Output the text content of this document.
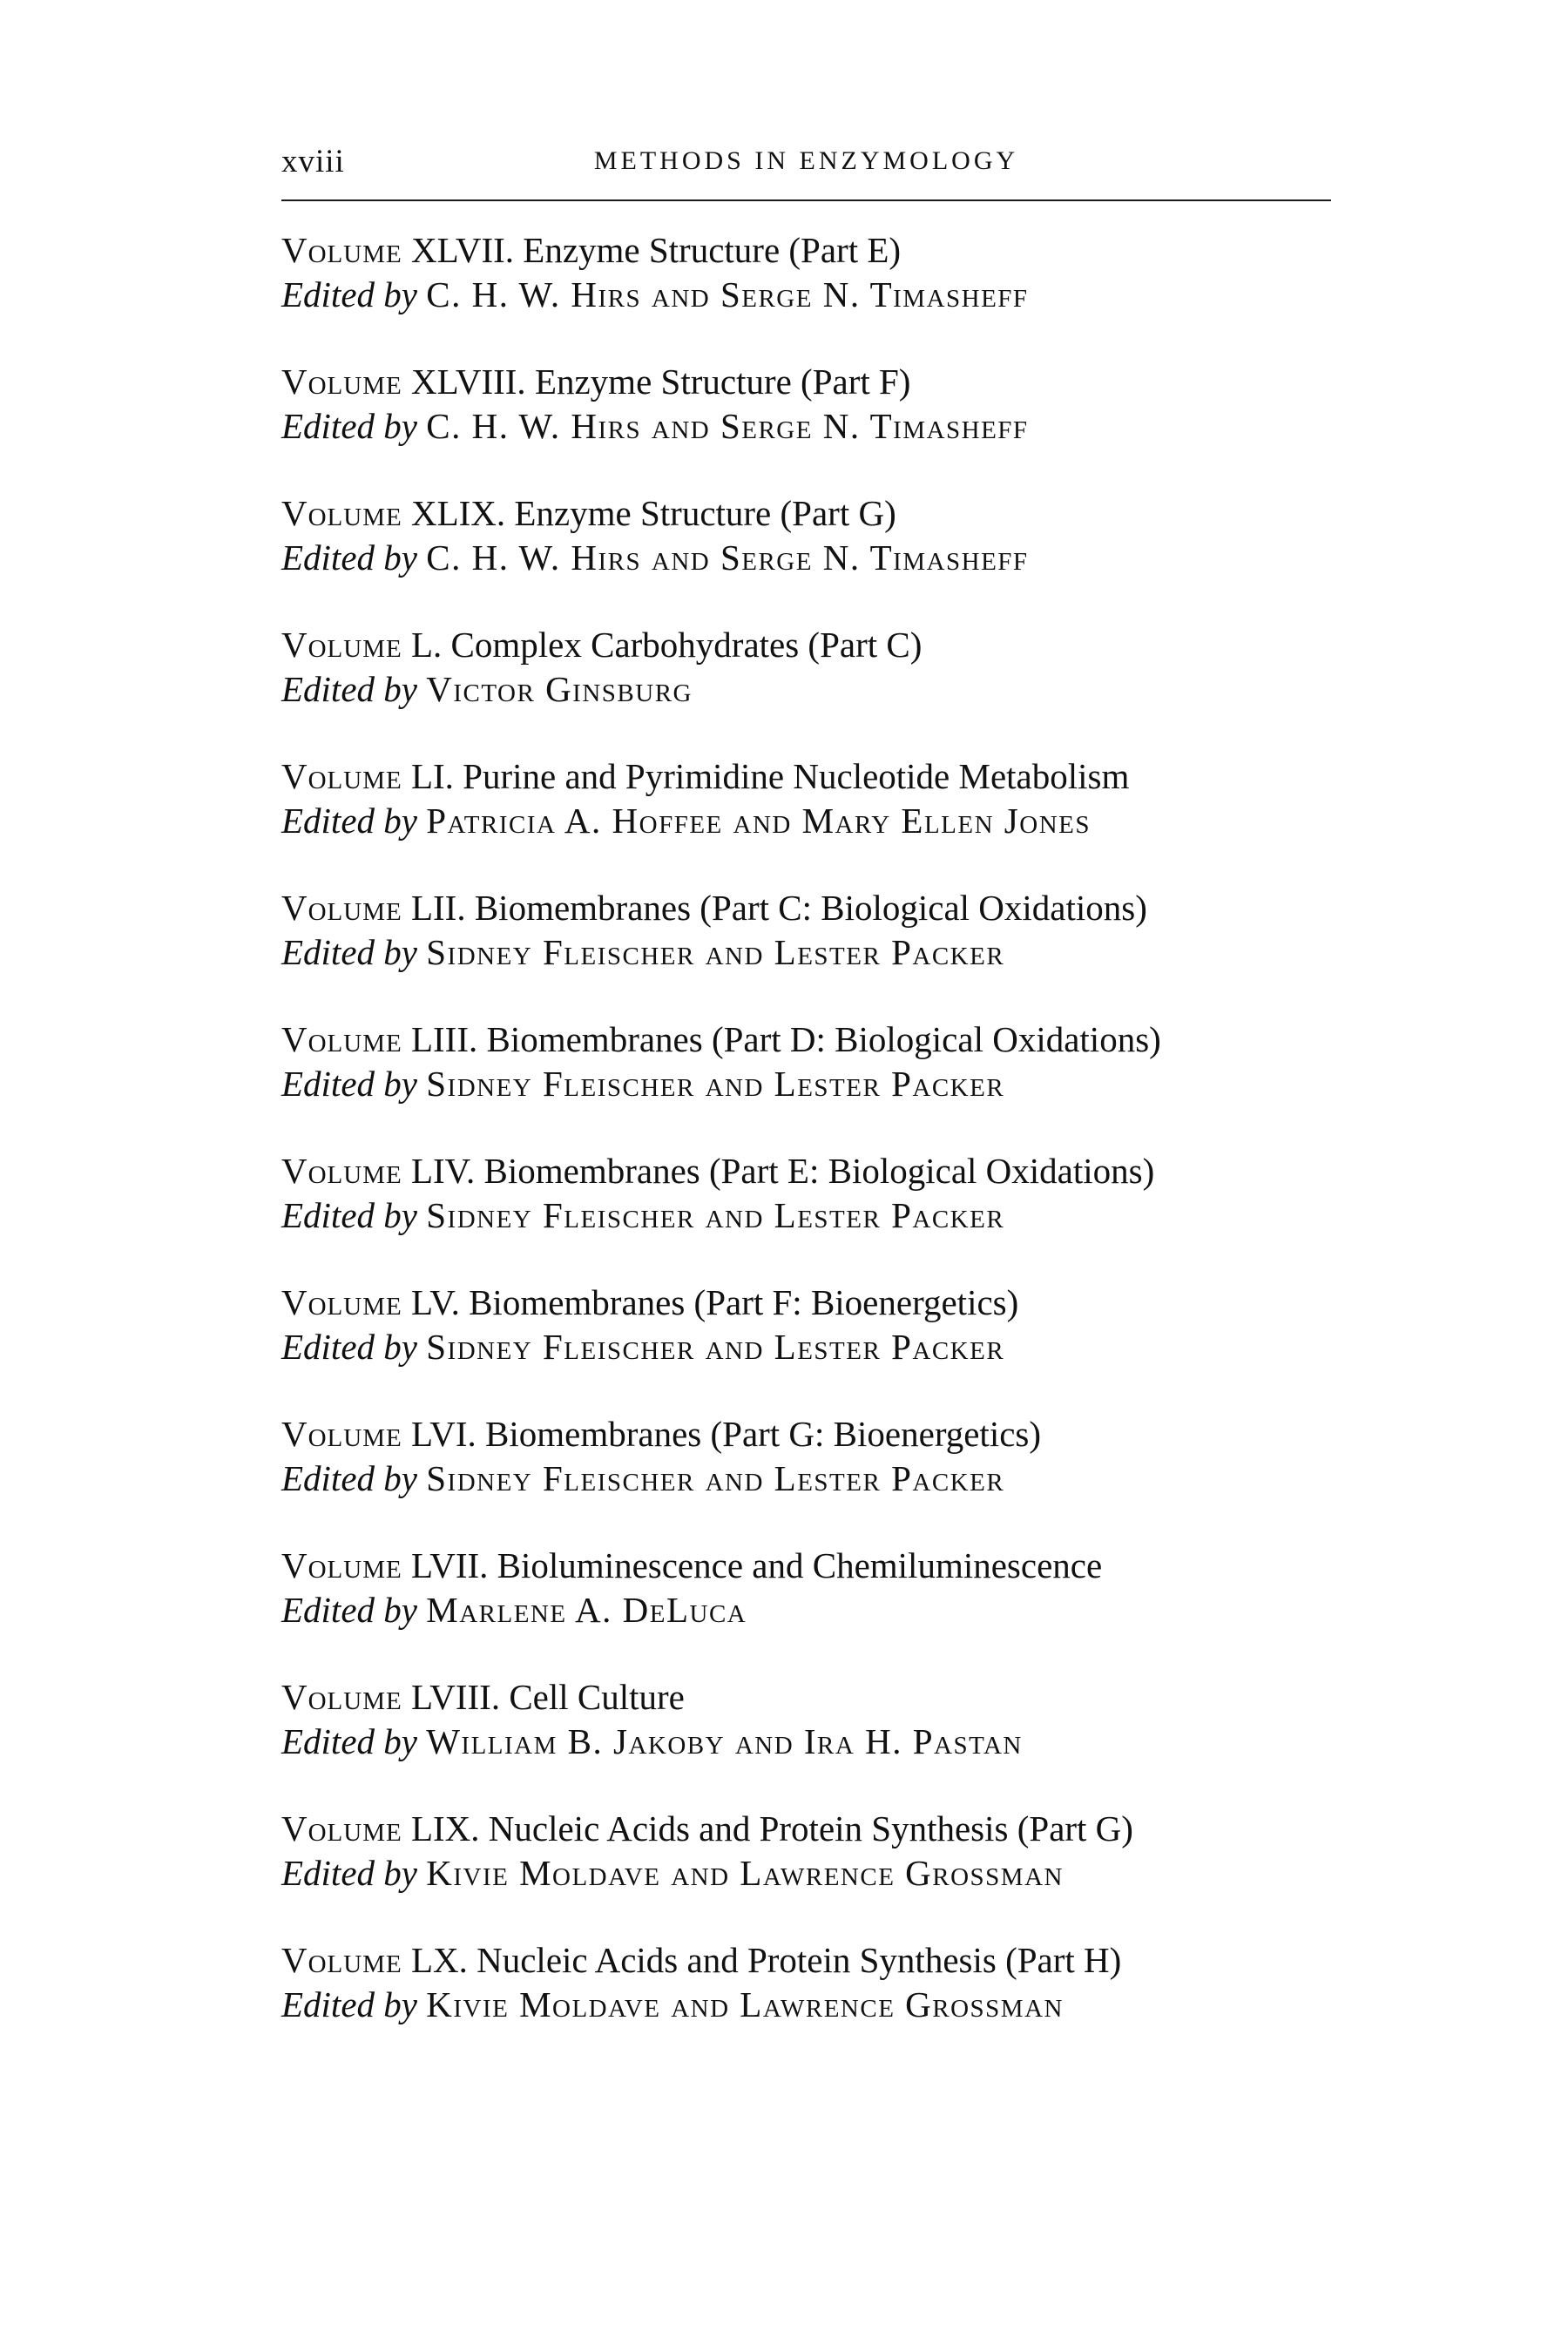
xviii	METHODS IN ENZYMOLOGY
Volume XLVII. Enzyme Structure (Part E)
Edited by C. H. W. Hirs and Serge N. Timasheff
Volume XLVIII. Enzyme Structure (Part F)
Edited by C. H. W. Hirs and Serge N. Timasheff
Volume XLIX. Enzyme Structure (Part G)
Edited by C. H. W. Hirs and Serge N. Timasheff
Volume L. Complex Carbohydrates (Part C)
Edited by Victor Ginsburg
Volume LI. Purine and Pyrimidine Nucleotide Metabolism
Edited by Patricia A. Hoffee and Mary Ellen Jones
Volume LII. Biomembranes (Part C: Biological Oxidations)
Edited by Sidney Fleischer and Lester Packer
Volume LIII. Biomembranes (Part D: Biological Oxidations)
Edited by Sidney Fleischer and Lester Packer
Volume LIV. Biomembranes (Part E: Biological Oxidations)
Edited by Sidney Fleischer and Lester Packer
Volume LV. Biomembranes (Part F: Bioenergetics)
Edited by Sidney Fleischer and Lester Packer
Volume LVI. Biomembranes (Part G: Bioenergetics)
Edited by Sidney Fleischer and Lester Packer
Volume LVII. Bioluminescence and Chemiluminescence
Edited by Marlene A. DeLuca
Volume LVIII. Cell Culture
Edited by William B. Jakoby and Ira H. Pastan
Volume LIX. Nucleic Acids and Protein Synthesis (Part G)
Edited by Kivie Moldave and Lawrence Grossman
Volume LX. Nucleic Acids and Protein Synthesis (Part H)
Edited by Kivie Moldave and Lawrence Grossman
